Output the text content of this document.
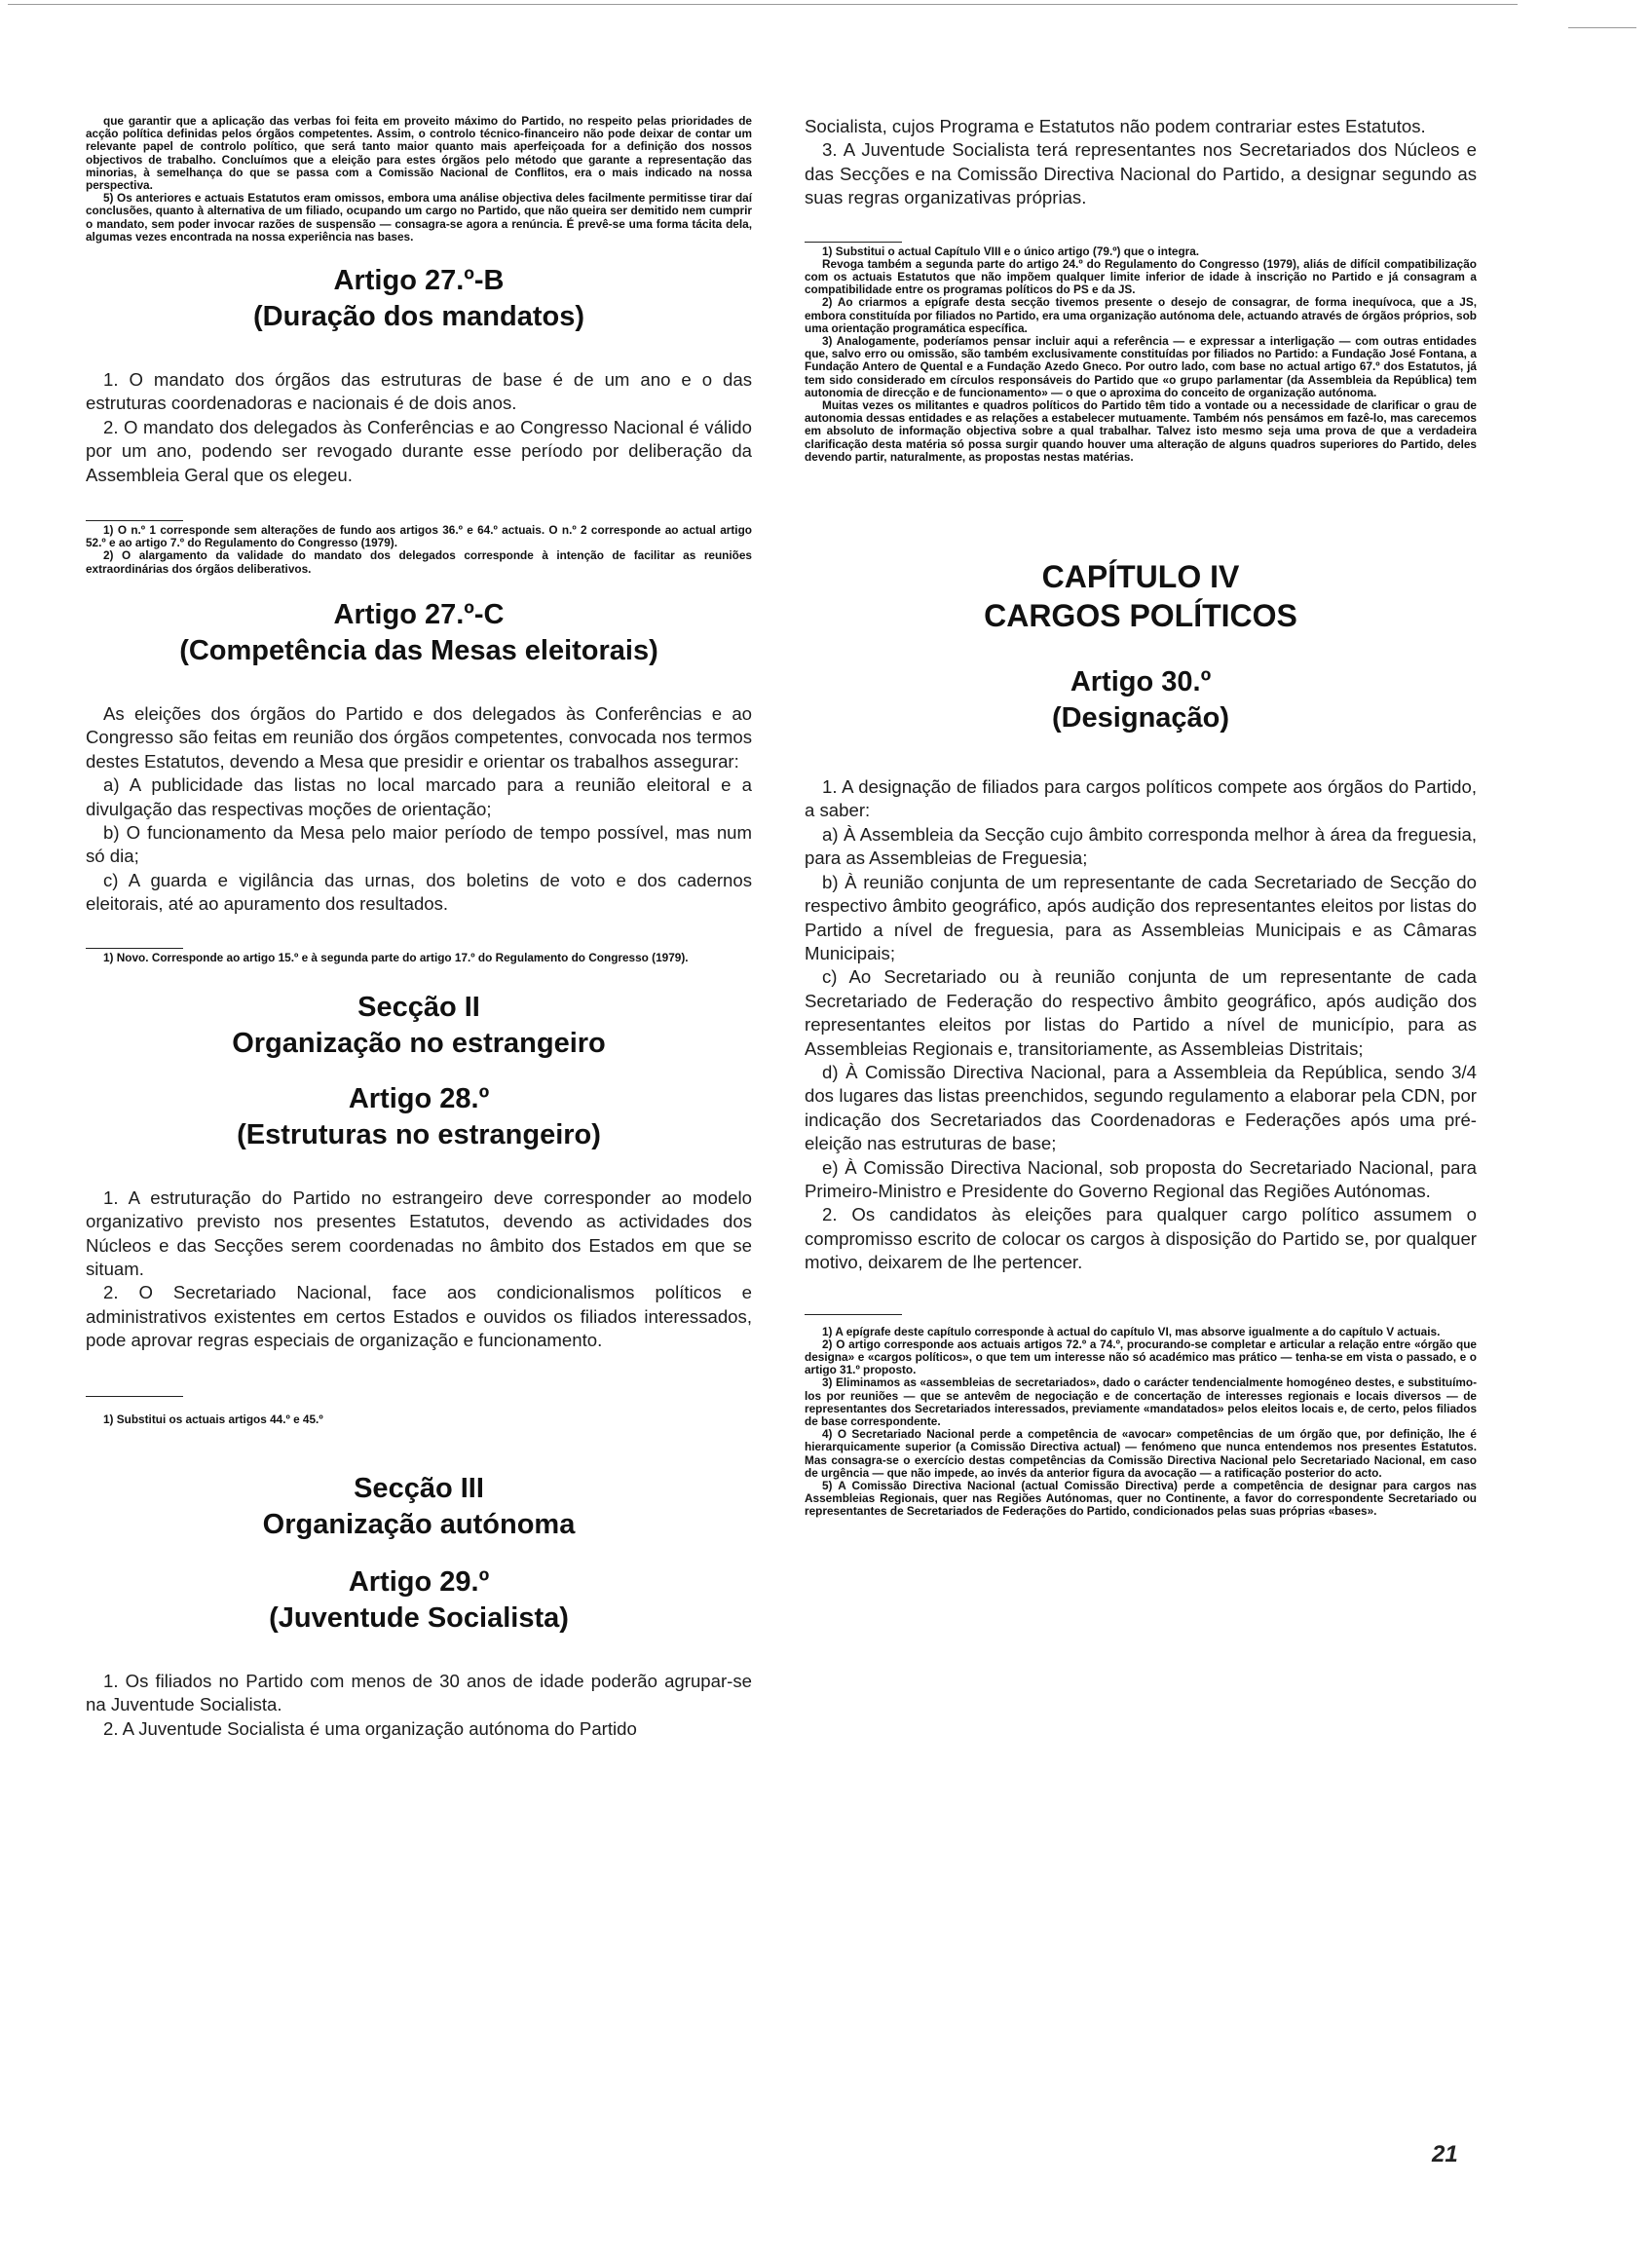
que garantir que a aplicação das verbas foi feita em proveito máximo do Partido, no respeito pelas prioridades de acção política definidas pelos órgãos competentes. Assim, o controlo técnico-financeiro não pode deixar de contar um relevante papel de controlo político, que será tanto maior quanto mais aperfeiçoada for a definição dos nossos objectivos de trabalho. Concluímos que a eleição para estes órgãos pelo método que garante a representação das minorias, à semelhança do que se passa com a Comissão Nacional de Conflitos, era o mais indicado na nossa perspectiva.

5) Os anteriores e actuais Estatutos eram omissos, embora uma análise objectiva deles facilmente permitisse tirar daí conclusões, quanto à alternativa de um filiado, ocupando um cargo no Partido, que não queira ser demitido nem cumprir o mandato, sem poder invocar razões de suspensão — consagra-se agora a renúncia. É prevê-se uma forma tácita dela, algumas vezes encontrada na nossa experiência nas bases.

Artigo 27.º-B
(Duração dos mandatos)

1. O mandato dos órgãos das estruturas de base é de um ano e o das estruturas coordenadoras e nacionais é de dois anos.

2. O mandato dos delegados às Conferências e ao Congresso Nacional é válido por um ano, podendo ser revogado durante esse período por deliberação da Assembleia Geral que os elegeu.

1) O n.º 1 corresponde sem alterações de fundo aos artigos 36.º e 64.º actuais. O n.º 2 corresponde ao actual artigo 52.º e ao artigo 7.º do Regulamento do Congresso (1979).

2) O alargamento da validade do mandato dos delegados corresponde à intenção de facilitar as reuniões extraordinárias dos órgãos deliberativos.

Artigo 27.º-C
(Competência das Mesas eleitorais)

As eleições dos órgãos do Partido e dos delegados às Conferências e ao Congresso são feitas em reunião dos órgãos competentes, convocada nos termos destes Estatutos, devendo a Mesa que presidir e orientar os trabalhos assegurar:

a) A publicidade das listas no local marcado para a reunião eleitoral e a divulgação das respectivas moções de orientação;

b) O funcionamento da Mesa pelo maior período de tempo possível, mas num só dia;

c) A guarda e vigilância das urnas, dos boletins de voto e dos cadernos eleitorais, até ao apuramento dos resultados.

1) Novo. Corresponde ao artigo 15.º e à segunda parte do artigo 17.º do Regulamento do Congresso (1979).

Secção II
Organização no estrangeiro
Artigo 28.º
(Estruturas no estrangeiro)

1. A estruturação do Partido no estrangeiro deve corresponder ao modelo organizativo previsto nos presentes Estatutos, devendo as actividades dos Núcleos e das Secções serem coordenadas no âmbito dos Estados em que se situam.

2. O Secretariado Nacional, face aos condicionalismos políticos e administrativos existentes em certos Estados e ouvidos os filiados interessados, pode aprovar regras especiais de organização e funcionamento.

1) Substitui os actuais artigos 44.º e 45.º

Secção III
Organização autónoma
Artigo 29.º
(Juventude Socialista)

1. Os filiados no Partido com menos de 30 anos de idade poderão agrupar-se na Juventude Socialista.

2. A Juventude Socialista é uma organização autónoma do Partido

Socialista, cujos Programa e Estatutos não podem contrariar estes Estatutos.

3. A Juventude Socialista terá representantes nos Secretariados dos Núcleos e das Secções e na Comissão Directiva Nacional do Partido, a designar segundo as suas regras organizativas próprias.

1) Substitui o actual Capítulo VIII e o único artigo (79.º) que o integra.

Revoga também a segunda parte do artigo 24.º do Regulamento do Congresso (1979), aliás de difícil compatibilização com os actuais Estatutos que não impõem qualquer limite inferior de idade à inscrição no Partido e já consagram a compatibilidade entre os programas políticos do PS e da JS.

2) Ao criarmos a epígrafe desta secção tivemos presente o desejo de consagrar, de forma inequívoca, que a JS, embora constituída por filiados no Partido, era uma organização autónoma dele, actuando através de órgãos próprios, sob uma orientação programática específica.

3) Analogamente, poderíamos pensar incluir aqui a referência — e expressar a interligação — com outras entidades que, salvo erro ou omissão, são também exclusivamente constituídas por filiados no Partido: a Fundação José Fontana, a Fundação Antero de Quental e a Fundação Azedo Gneco. Por outro lado, com base no actual artigo 67.º dos Estatutos, já tem sido considerado em círculos responsáveis do Partido que «o grupo parlamentar (da Assembleia da República) tem autonomia de direcção e de funcionamento» — o que o aproxima do conceito de organização autónoma.

Muitas vezes os militantes e quadros políticos do Partido têm tido a vontade ou a necessidade de clarificar o grau de autonomia dessas entidades e as relações a estabelecer mutuamente. Também nós pensámos em fazê-lo, mas carecemos em absoluto de informação objectiva sobre a qual trabalhar. Talvez isto mesmo seja uma prova de que a verdadeira clarificação desta matéria só possa surgir quando houver uma alteração de alguns quadros superiores do Partido, deles devendo partir, naturalmente, as propostas nestas matérias.

CAPÍTULO IV
CARGOS POLÍTICOS
Artigo 30.º
(Designação)

1. A designação de filiados para cargos políticos compete aos órgãos do Partido, a saber:

a) À Assembleia da Secção cujo âmbito corresponda melhor à área da freguesia, para as Assembleias de Freguesia;

b) À reunião conjunta de um representante de cada Secretariado de Secção do respectivo âmbito geográfico, após audição dos representantes eleitos por listas do Partido a nível de freguesia, para as Assembleias Municipais e as Câmaras Municipais;

c) Ao Secretariado ou à reunião conjunta de um representante de cada Secretariado de Federação do respectivo âmbito geográfico, após audição dos representantes eleitos por listas do Partido a nível de município, para as Assembleias Regionais e, transitoriamente, as Assembleias Distritais;

d) À Comissão Directiva Nacional, para a Assembleia da República, sendo 3/4 dos lugares das listas preenchidos, segundo regulamento a elaborar pela CDN, por indicação dos Secretariados das Coordenadoras e Federações após uma pré-eleição nas estruturas de base;

e) À Comissão Directiva Nacional, sob proposta do Secretariado Nacional, para Primeiro-Ministro e Presidente do Governo Regional das Regiões Autónomas.

2. Os candidatos às eleições para qualquer cargo político assumem o compromisso escrito de colocar os cargos à disposição do Partido se, por qualquer motivo, deixarem de lhe pertencer.

1) A epígrafe deste capítulo corresponde à actual do capítulo VI, mas absorve igualmente a do capítulo V actuais.

2) O artigo corresponde aos actuais artigos 72.º a 74.º, procurando-se completar e articular a relação entre «órgão que designa» e «cargos políticos», o que tem um interesse não só académico mas prático — tenha-se em vista o passado, e o artigo 31.º proposto.

3) Eliminamos as «assembleias de secretariados», dado o carácter tendencialmente homogéneo destes, e substituímo-los por reuniões — que se antevêm de negociação e de concertação de interesses regionais e locais diversos — de representantes dos Secretariados interessados, previamente «mandatados» pelos eleitos locais e, de certo, pelos filiados de base correspondente.

4) O Secretariado Nacional perde a competência de «avocar» competências de um órgão que, por definição, lhe é hierarquicamente superior (a Comissão Directiva actual) — fenómeno que nunca entendemos nos presentes Estatutos. Mas consagra-se o exercício destas competências da Comissão Directiva Nacional pelo Secretariado Nacional, em caso de urgência — que não impede, ao invés da anterior figura da avocação — a ratificação posterior do acto.

5) A Comissão Directiva Nacional (actual Comissão Directiva) perde a competência de designar para cargos nas Assembleias Regionais, quer nas Regiões Autónomas, quer no Continente, a favor do correspondente Secretariado ou representantes de Secretariados de Federações do Partido, condicionados pelas suas próprias «bases».

21
